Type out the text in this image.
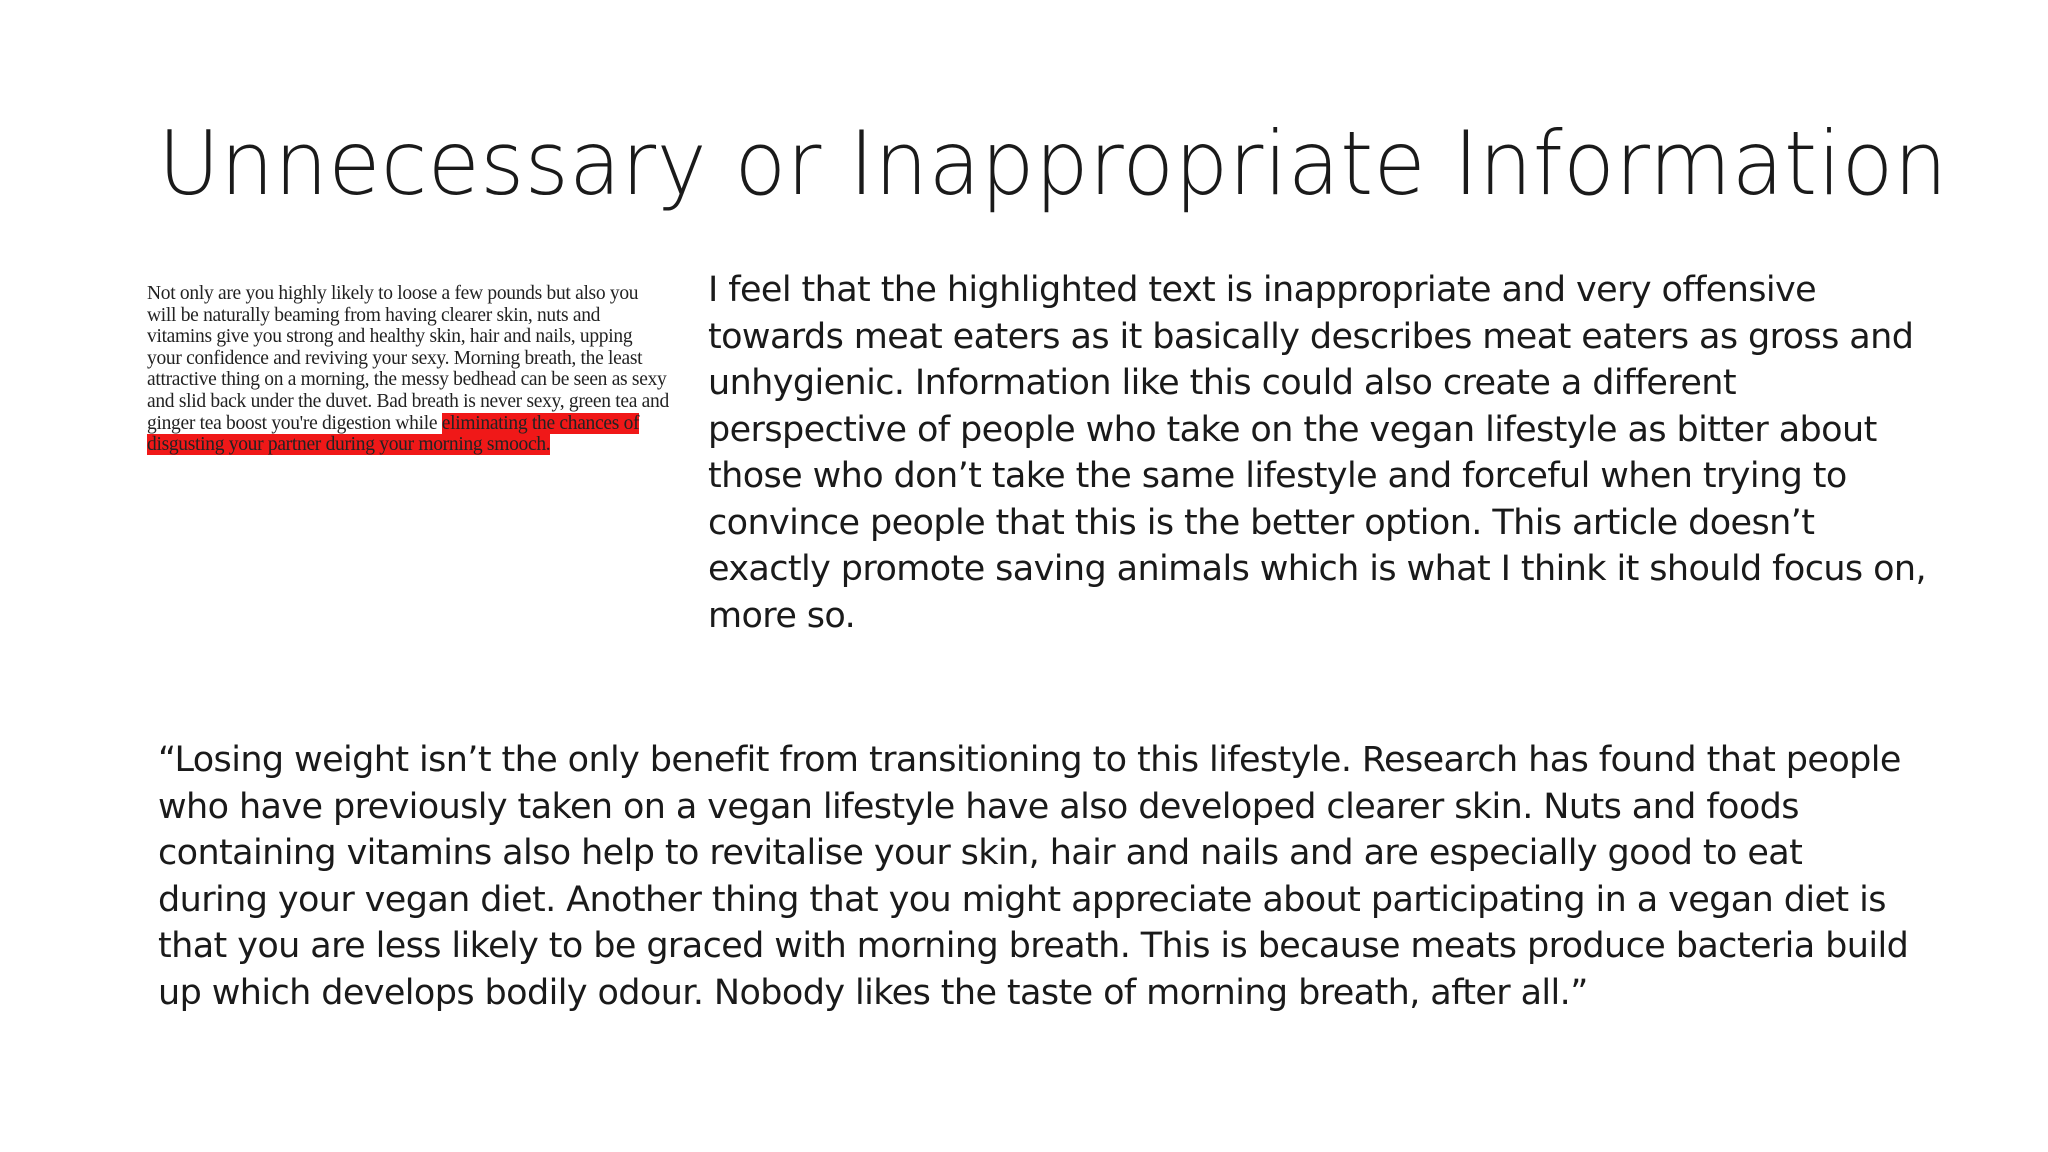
Unnecessary or Inappropriate Information
Not only are you highly likely to loose a few pounds but also you will be naturally beaming from having clearer skin, nuts and vitamins give you strong and healthy skin, hair and nails, upping your confidence and reviving your sexy. Morning breath, the least attractive thing on a morning, the messy bedhead can be seen as sexy and slid back under the duvet. Bad breath is never sexy, green tea and ginger tea boost you're digestion while eliminating the chances of disgusting your partner during your morning smooch.
I feel that the highlighted text is inappropriate and very offensive towards meat eaters as it basically describes meat eaters as gross and unhygienic. Information like this could also create a different perspective of people who take on the vegan lifestyle as bitter about those who don’t take the same lifestyle and forceful when trying to convince people that this is the better option. This article doesn’t exactly promote saving animals which is what I think it should focus on, more so.
“Losing weight isn’t the only benefit from transitioning to this lifestyle. Research has found that people who have previously taken on a vegan lifestyle have also developed clearer skin. Nuts and foods containing vitamins also help to revitalise your skin, hair and nails and are especially good to eat during your vegan diet. Another thing that you might appreciate about participating in a vegan diet is that you are less likely to be graced with morning breath. This is because meats produce bacteria build up which develops bodily odour. Nobody likes the taste of morning breath, after all.”
